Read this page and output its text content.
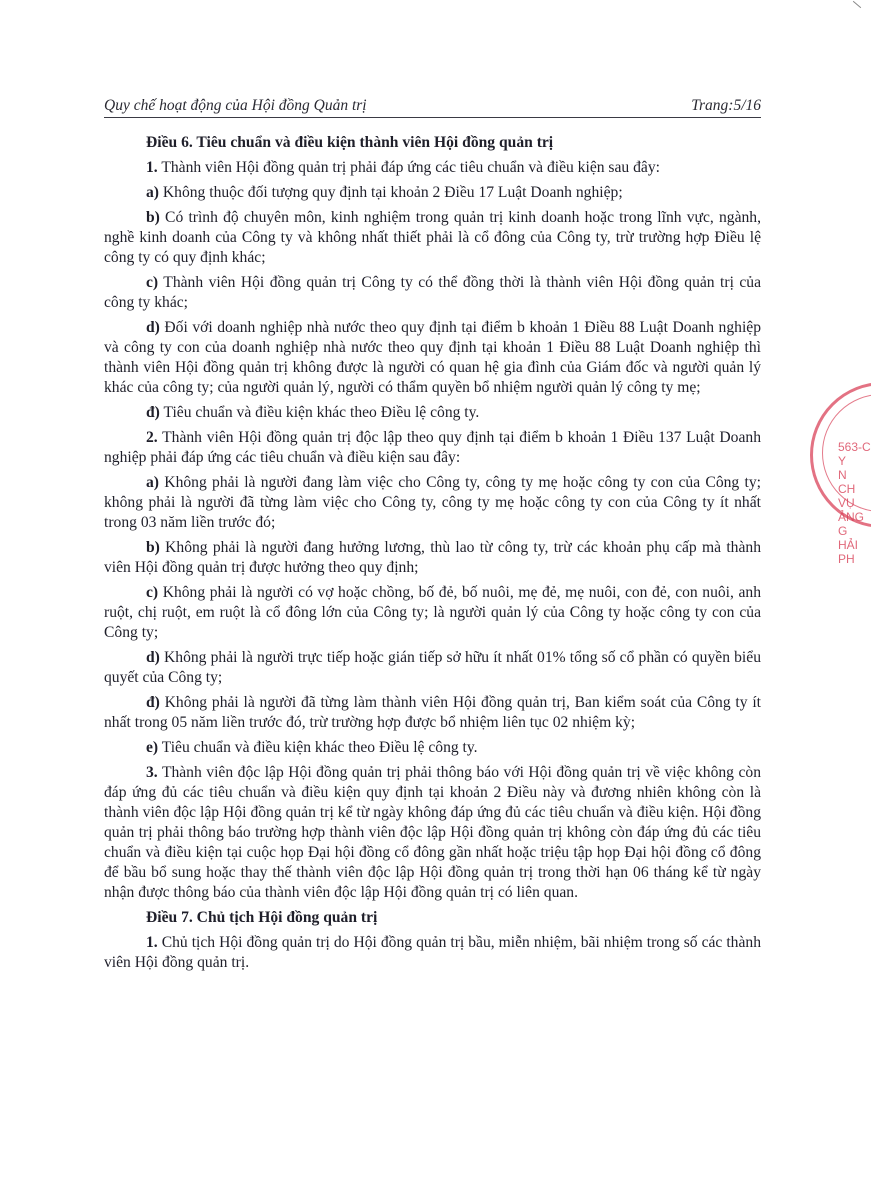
Quy chế hoạt động của Hội đồng Quản trị	Trang:5/16

Điều 6. Tiêu chuẩn và điều kiện thành viên Hội đồng quản trị

1. Thành viên Hội đồng quản trị phải đáp ứng các tiêu chuẩn và điều kiện sau đây:

a) Không thuộc đối tượng quy định tại khoản 2 Điều 17 Luật Doanh nghiệp;

b) Có trình độ chuyên môn, kinh nghiệm trong quản trị kinh doanh hoặc trong lĩnh vực, ngành, nghề kinh doanh của Công ty và không nhất thiết phải là cổ đông của Công ty, trừ trường hợp Điều lệ công ty có quy định khác;

c) Thành viên Hội đồng quản trị Công ty có thể đồng thời là thành viên Hội đồng quản trị của công ty khác;

d) Đối với doanh nghiệp nhà nước theo quy định tại điểm b khoản 1 Điều 88 Luật Doanh nghiệp và công ty con của doanh nghiệp nhà nước theo quy định tại khoản 1 Điều 88 Luật Doanh nghiệp thì thành viên Hội đồng quản trị không được là người có quan hệ gia đình của Giám đốc và người quản lý khác của công ty; của người quản lý, người có thẩm quyền bổ nhiệm người quản lý công ty mẹ;

đ) Tiêu chuẩn và điều kiện khác theo Điều lệ công ty.

2. Thành viên Hội đồng quản trị độc lập theo quy định tại điểm b khoản 1 Điều 137 Luật Doanh nghiệp phải đáp ứng các tiêu chuẩn và điều kiện sau đây:

a) Không phải là người đang làm việc cho Công ty, công ty mẹ hoặc công ty con của Công ty; không phải là người đã từng làm việc cho Công ty, công ty mẹ hoặc công ty con của Công ty ít nhất trong 03 năm liền trước đó;

b) Không phải là người đang hưởng lương, thù lao từ công ty, trừ các khoản phụ cấp mà thành viên Hội đồng quản trị được hưởng theo quy định;

c) Không phải là người có vợ hoặc chồng, bố đẻ, bố nuôi, mẹ đẻ, mẹ nuôi, con đẻ, con nuôi, anh ruột, chị ruột, em ruột là cổ đông lớn của Công ty; là người quản lý của Công ty hoặc công ty con của Công ty;

d) Không phải là người trực tiếp hoặc gián tiếp sở hữu ít nhất 01% tổng số cổ phần có quyền biểu quyết của Công ty;

đ) Không phải là người đã từng làm thành viên Hội đồng quản trị, Ban kiểm soát của Công ty ít nhất trong 05 năm liền trước đó, trừ trường hợp được bổ nhiệm liên tục 02 nhiệm kỳ;

e) Tiêu chuẩn và điều kiện khác theo Điều lệ công ty.

3. Thành viên độc lập Hội đồng quản trị phải thông báo với Hội đồng quản trị về việc không còn đáp ứng đủ các tiêu chuẩn và điều kiện quy định tại khoản 2 Điều này và đương nhiên không còn là thành viên độc lập Hội đồng quản trị kể từ ngày không đáp ứng đủ các tiêu chuẩn và điều kiện. Hội đồng quản trị phải thông báo trường hợp thành viên độc lập Hội đồng quản trị không còn đáp ứng đủ các tiêu chuẩn và điều kiện tại cuộc họp Đại hội đồng cổ đông gần nhất hoặc triệu tập họp Đại hội đồng cổ đông để bầu bổ sung hoặc thay thế thành viên độc lập Hội đồng quản trị trong thời hạn 06 tháng kể từ ngày nhận được thông báo của thành viên độc lập Hội đồng quản trị có liên quan.

Điều 7. Chủ tịch Hội đồng quản trị

1. Chủ tịch Hội đồng quản trị do Hội đồng quản trị bầu, miễn nhiệm, bãi nhiệm trong số các thành viên Hội đồng quản trị.

563-C
Y
N
CH VỤ
ẢNG
G
HẢI PH
